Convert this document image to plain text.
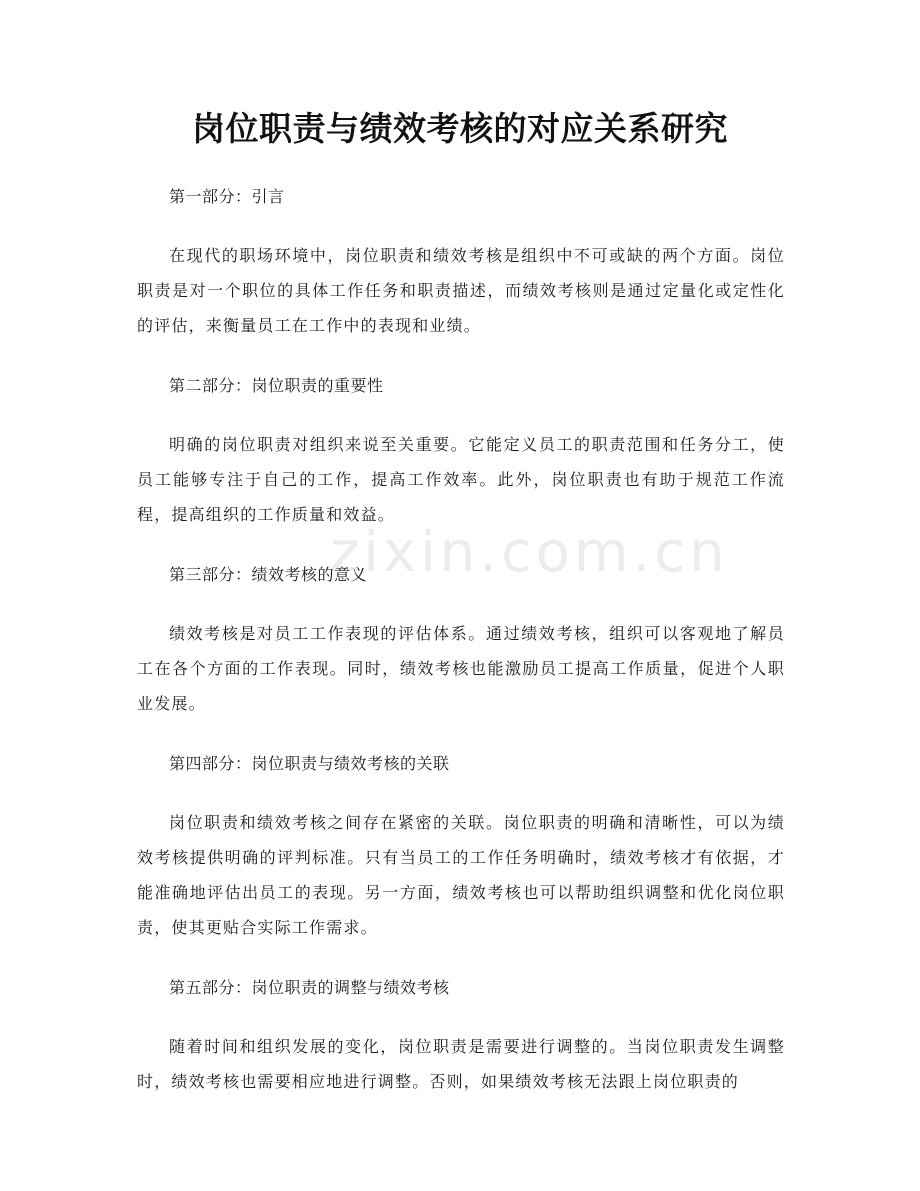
zixin.com.cn
岗位职责与绩效考核的对应关系研究

第一部分：引言

在现代的职场环境中，岗位职责和绩效考核是组织中不可或缺的两个方面。岗位职责是对一个职位的具体工作任务和职责描述，而绩效考核则是通过定量化或定性化的评估，来衡量员工在工作中的表现和业绩。

第二部分：岗位职责的重要性

明确的岗位职责对组织来说至关重要。它能定义员工的职责范围和任务分工，使员工能够专注于自己的工作，提高工作效率。此外，岗位职责也有助于规范工作流程，提高组织的工作质量和效益。

第三部分：绩效考核的意义

绩效考核是对员工工作表现的评估体系。通过绩效考核，组织可以客观地了解员工在各个方面的工作表现。同时，绩效考核也能激励员工提高工作质量，促进个人职业发展。

第四部分：岗位职责与绩效考核的关联

岗位职责和绩效考核之间存在紧密的关联。岗位职责的明确和清晰性，可以为绩效考核提供明确的评判标准。只有当员工的工作任务明确时，绩效考核才有依据，才能准确地评估出员工的表现。另一方面，绩效考核也可以帮助组织调整和优化岗位职责，使其更贴合实际工作需求。

第五部分：岗位职责的调整与绩效考核

随着时间和组织发展的变化，岗位职责是需要进行调整的。当岗位职责发生调整时，绩效考核也需要相应地进行调整。否则，如果绩效考核无法跟上岗位职责的
